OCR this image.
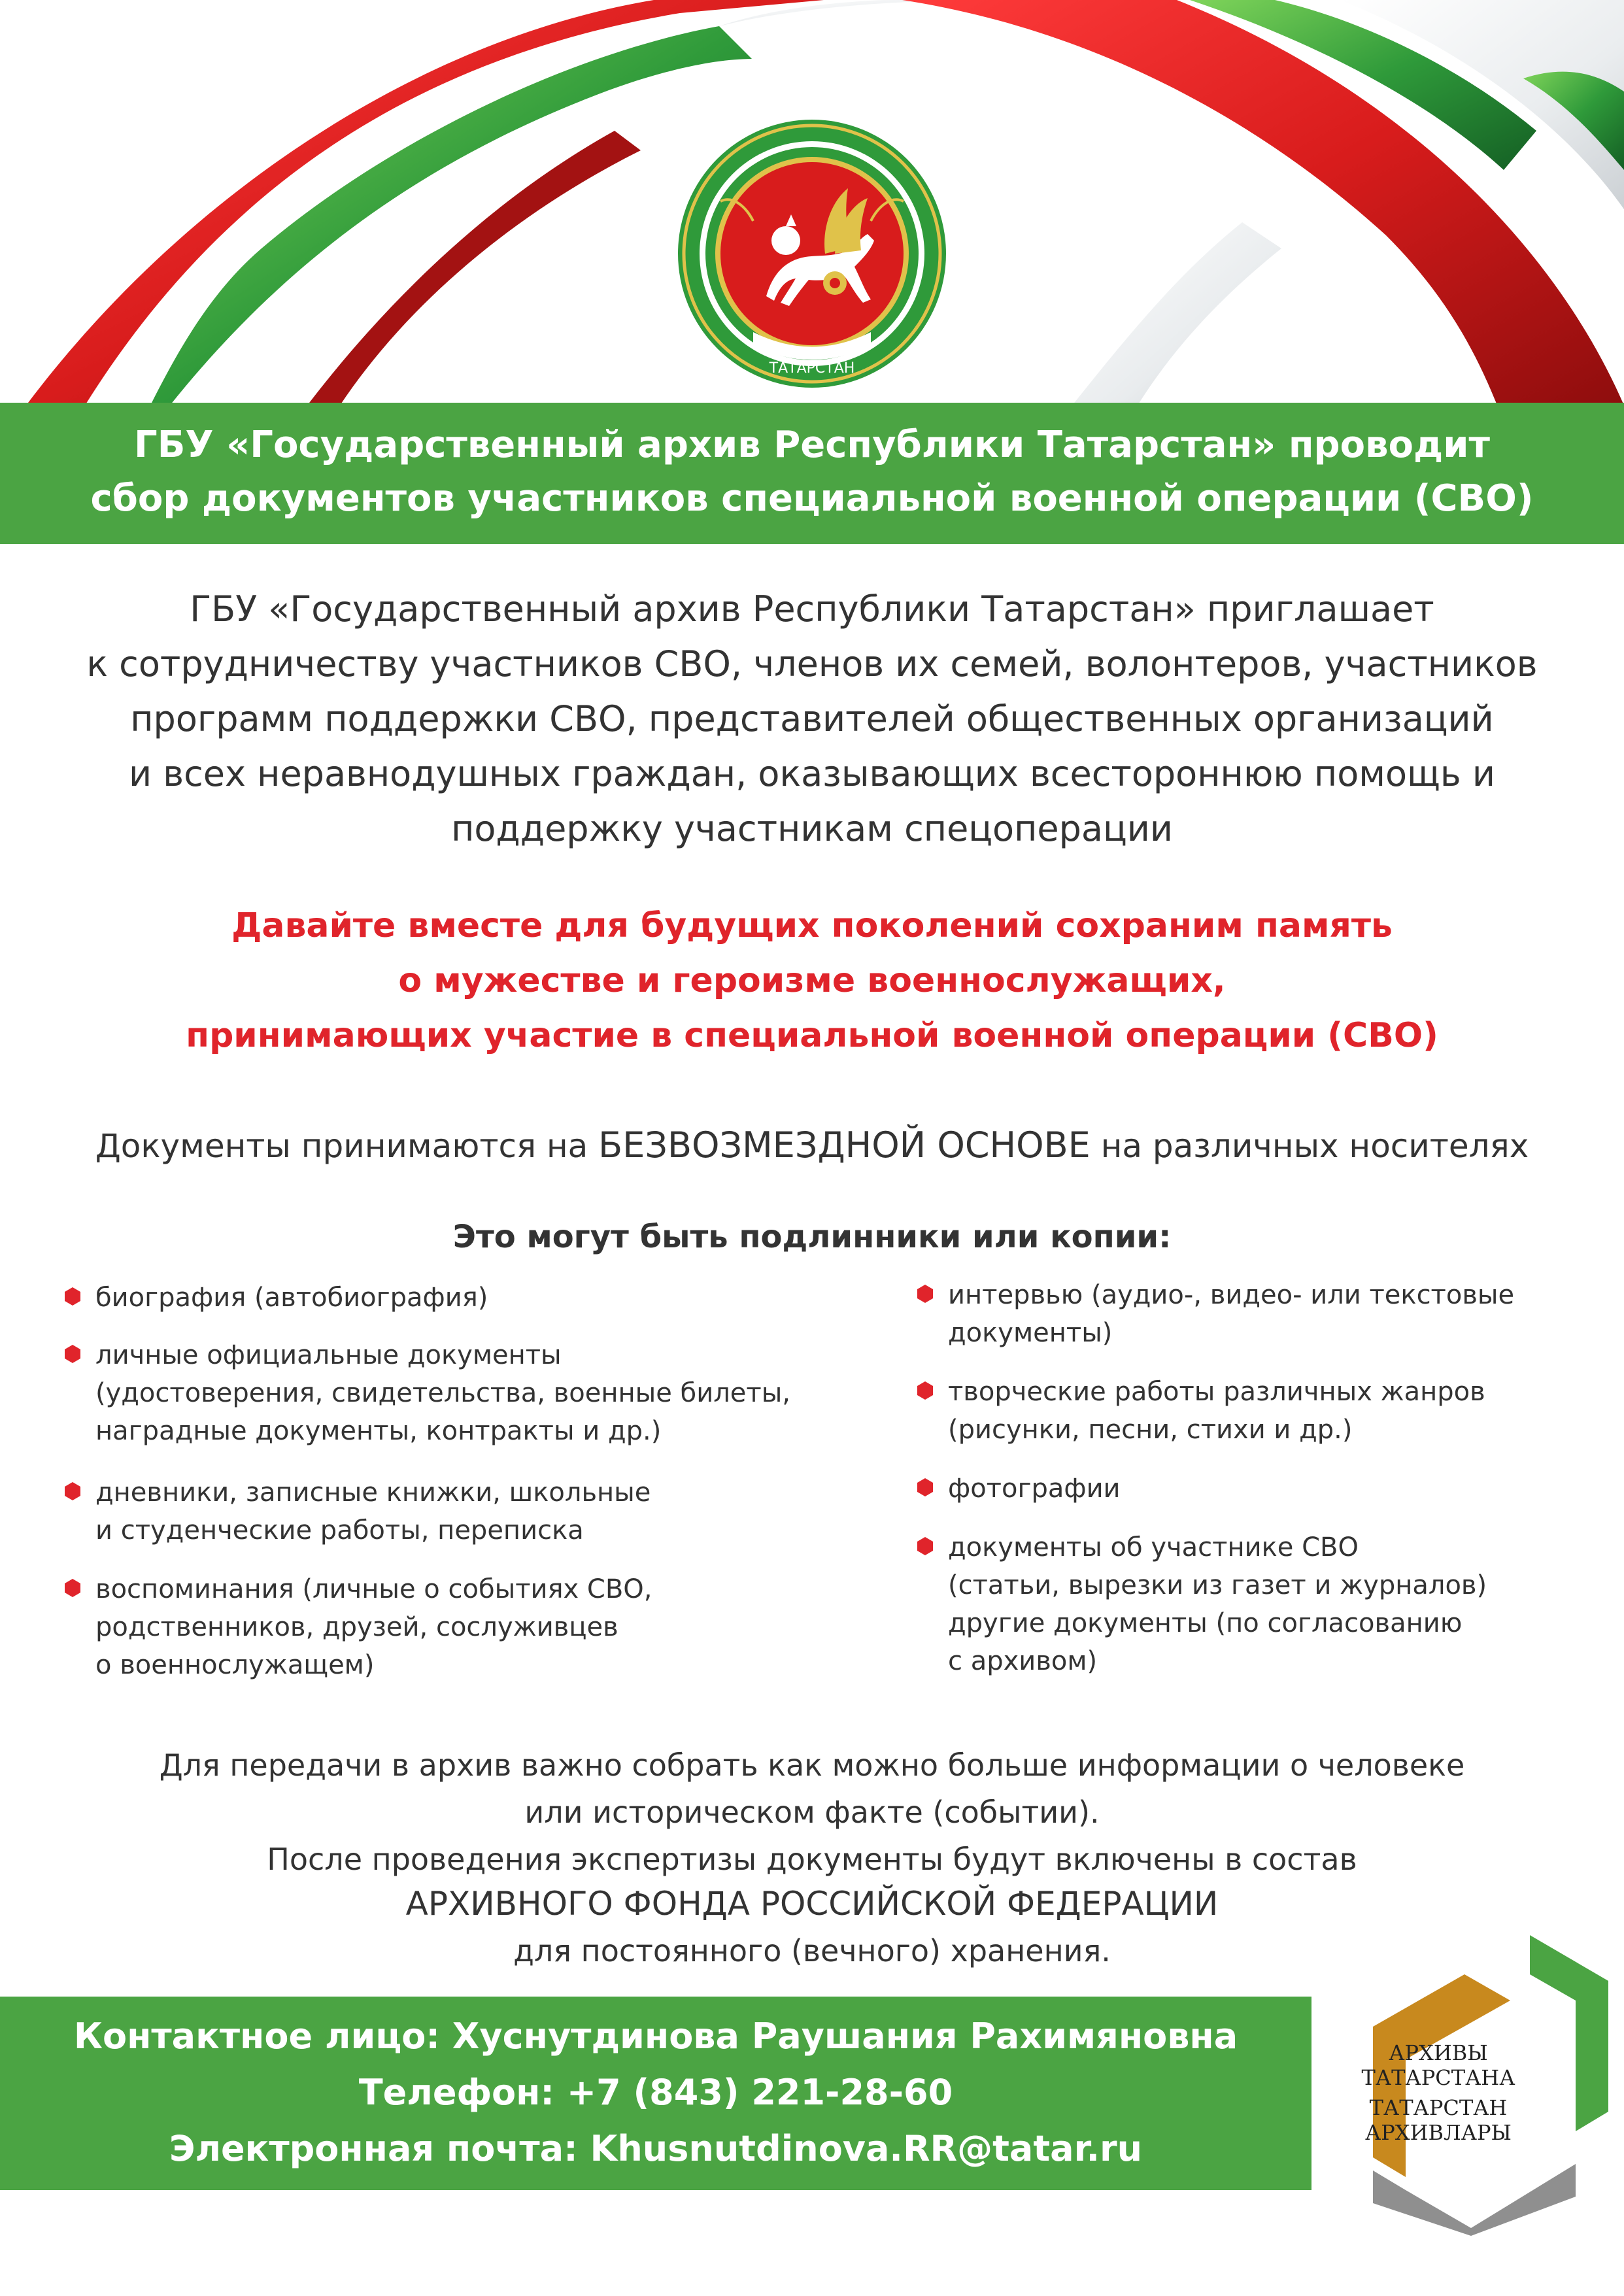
ТАТАРСТАН
ГБУ «Государственный архив Республики Татарстан» проводит
сбор документов участников специальной военной операции (СВО)
ГБУ «Государственный архив Республики Татарстан» приглашает
к сотрудничеству участников СВО, членов их семей, волонтеров, участников
программ поддержки СВО, представителей общественных организаций
и всех неравнодушных граждан, оказывающих всестороннюю помощь и
поддержку участникам спецоперации
Давайте вместе для будущих поколений сохраним память
о мужестве и героизме военнослужащих,
принимающих участие в специальной военной операции (СВО)
Документы принимаются на БЕЗВОЗМЕЗДНОЙ ОСНОВЕ на различных носителях
Это могут быть подлинники или копии:
биография (автобиография)
личные официальные документы
(удостоверения, свидетельства, военные билеты,
наградные документы, контракты и др.)
дневники, записные книжки, школьные
и студенческие работы, переписка
воспоминания (личные о событиях СВО,
родственников, друзей, сослуживцев
о военнослужащем)
интервью (аудио-, видео- или текстовые
документы)
творческие работы различных жанров
(рисунки, песни, стихи и др.)
фотографии
документы об участнике СВО
(статьи, вырезки из газет и журналов)
другие документы (по согласованию
с архивом)
Для передачи в архив важно собрать как можно больше информации о человеке
или историческом факте (событии).
После проведения экспертизы документы будут включены в состав
АРХИВНОГО ФОНДА РОССИЙСКОЙ ФЕДЕРАЦИИ
для постоянного (вечного) хранения.
Контактное лицо: Хуснутдинова Раушания Рахимяновна
Телефон: +7 (843) 221-28-60
Электронная почта: Khusnutdinova.RR@tatar.ru
АРХИВЫ
ТАТАРСТАНА
ТАТАРСТАН
АРХИВЛАРЫ
